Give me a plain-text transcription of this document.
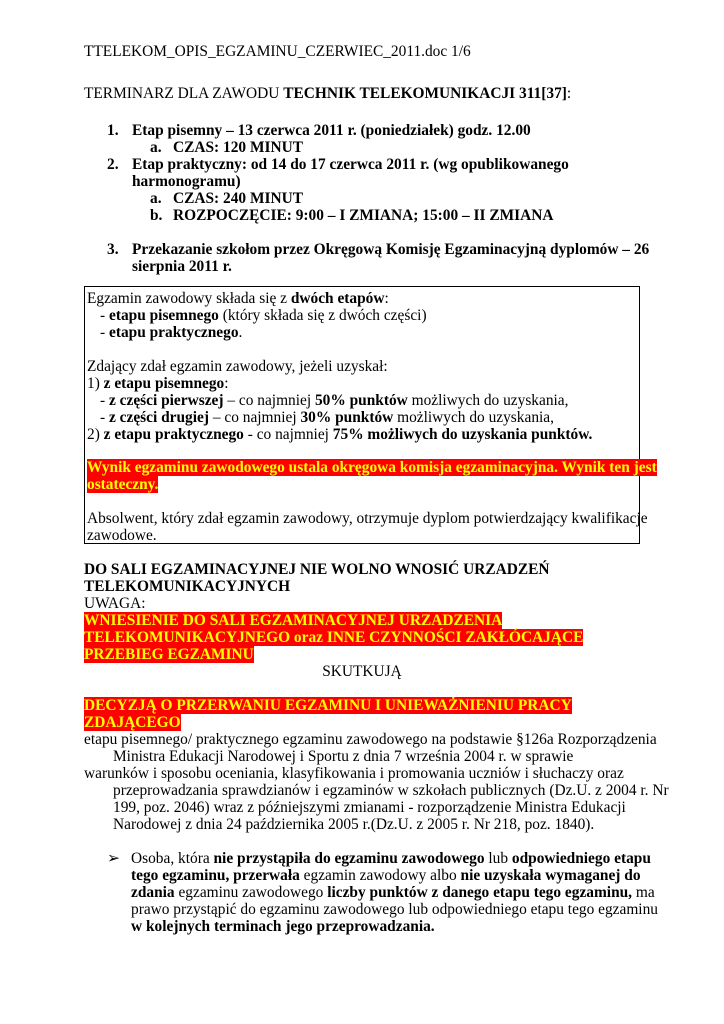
TTELEKOM_OPIS_EGZAMINU_CZERWIEC_2011.doc 1/6
TERMINARZ DLA ZAWODU TECHNIK TELEKOMUNIKACJI 311[37]:
1. Etap pisemny – 13 czerwca 2011 r. (poniedziałek) godz. 12.00
a. CZAS: 120 MINUT
2. Etap praktyczny: od 14 do 17 czerwca 2011 r. (wg opublikowanego
harmonogramu)
a. CZAS: 240 MINUT
b. ROZPOCZĘCIE: 9:00 – I ZMIANA; 15:00 – II ZMIANA
3. Przekazanie szkołom przez Okręgową Komisję Egzaminacyjną dyplomów – 26
sierpnia 2011 r.
Egzamin zawodowy składa się z dwóch etapów:
- etapu pisemnego (który składa się z dwóch części)
- etapu praktycznego.
Zdający zdał egzamin zawodowy, jeżeli uzyskał:
1) z etapu pisemnego:
- z części pierwszej – co najmniej 50% punktów możliwych do uzyskania,
- z części drugiej – co najmniej 30% punktów możliwych do uzyskania,
2) z etapu praktycznego - co najmniej 75% możliwych do uzyskania punktów.
Wynik egzaminu zawodowego ustala okręgowa komisja egzaminacyjna. Wynik ten jest
ostateczny.
Absolwent, który zdał egzamin zawodowy, otrzymuje dyplom potwierdzający kwalifikacje
zawodowe.
DO SALI EGZAMINACYJNEJ NIE WOLNO WNOSIĆ URZADZEŃ
TELEKOMUNIKACYJNYCH
UWAGA:
WNIESIENIE DO SALI EGZAMINACYJNEJ URZADZENIA
TELEKOMUNIKACYJNEGO oraz INNE CZYNNOŚCI ZAKŁÓCAJĄCE
PRZEBIEG EGZAMINU
SKUTKUJĄ
DECYZJĄ O PRZERWANIU EGZAMINU I UNIEWAŻNIENIU PRACY
ZDAJĄCEGO
etapu pisemnego/ praktycznego egzaminu zawodowego na podstawie §126a Rozporządzenia
Ministra Edukacji Narodowej i Sportu z dnia 7 września 2004 r. w sprawie
warunków i sposobu oceniania, klasyfikowania i promowania uczniów i słuchaczy oraz
przeprowadzania sprawdzianów i egzaminów w szkołach publicznych (Dz.U. z 2004 r. Nr
199, poz. 2046) wraz z późniejszymi zmianami - rozporządzenie Ministra Edukacji
Narodowej z dnia 24 października 2005 r.(Dz.U. z 2005 r. Nr 218, poz. 1840).
➢ Osoba, która nie przystąpiła do egzaminu zawodowego lub odpowiedniego etapu
tego egzaminu, przerwała egzamin zawodowy albo nie uzyskała wymaganej do
zdania egzaminu zawodowego liczby punktów z danego etapu tego egzaminu, ma
prawo przystąpić do egzaminu zawodowego lub odpowiedniego etapu tego egzaminu
w kolejnych terminach jego przeprowadzania.
